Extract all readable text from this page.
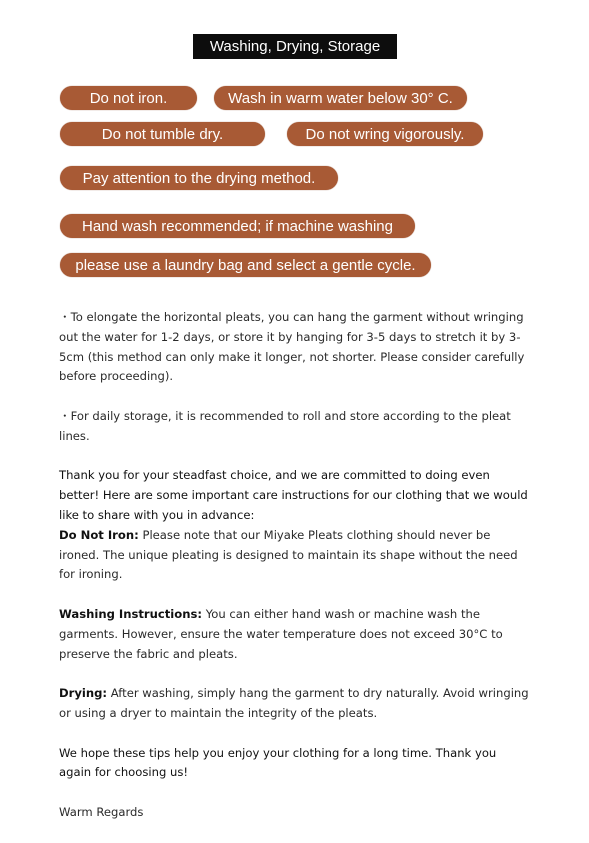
Washing, Drying, Storage
Do not iron.	Wash in warm water below 30° C.
Do not tumble dry.	Do not wring vigorously.
Pay attention to the drying method.
Hand wash recommended; if machine washing
please use a laundry bag and select a gentle cycle.

・To elongate the horizontal pleats, you can hang the garment without wringing out the water for 1-2 days, or store it by hanging for 3-5 days to stretch it by 3-5cm (this method can only make it longer, not shorter. Please consider carefully before proceeding).

・For daily storage, it is recommended to roll and store according to the pleat lines.

Thank you for your steadfast choice, and we are committed to doing even better! Here are some important care instructions for our clothing that we would like to share with you in advance:
Do Not Iron: Please note that our Miyake Pleats clothing should never be ironed. The unique pleating is designed to maintain its shape without the need for ironing.

Washing Instructions: You can either hand wash or machine wash the garments. However, ensure the water temperature does not exceed 30°C to preserve the fabric and pleats.

Drying: After washing, simply hang the garment to dry naturally. Avoid wringing or using a dryer to maintain the integrity of the pleats.

We hope these tips help you enjoy your clothing for a long time. Thank you again for choosing us!

Warm Regards
